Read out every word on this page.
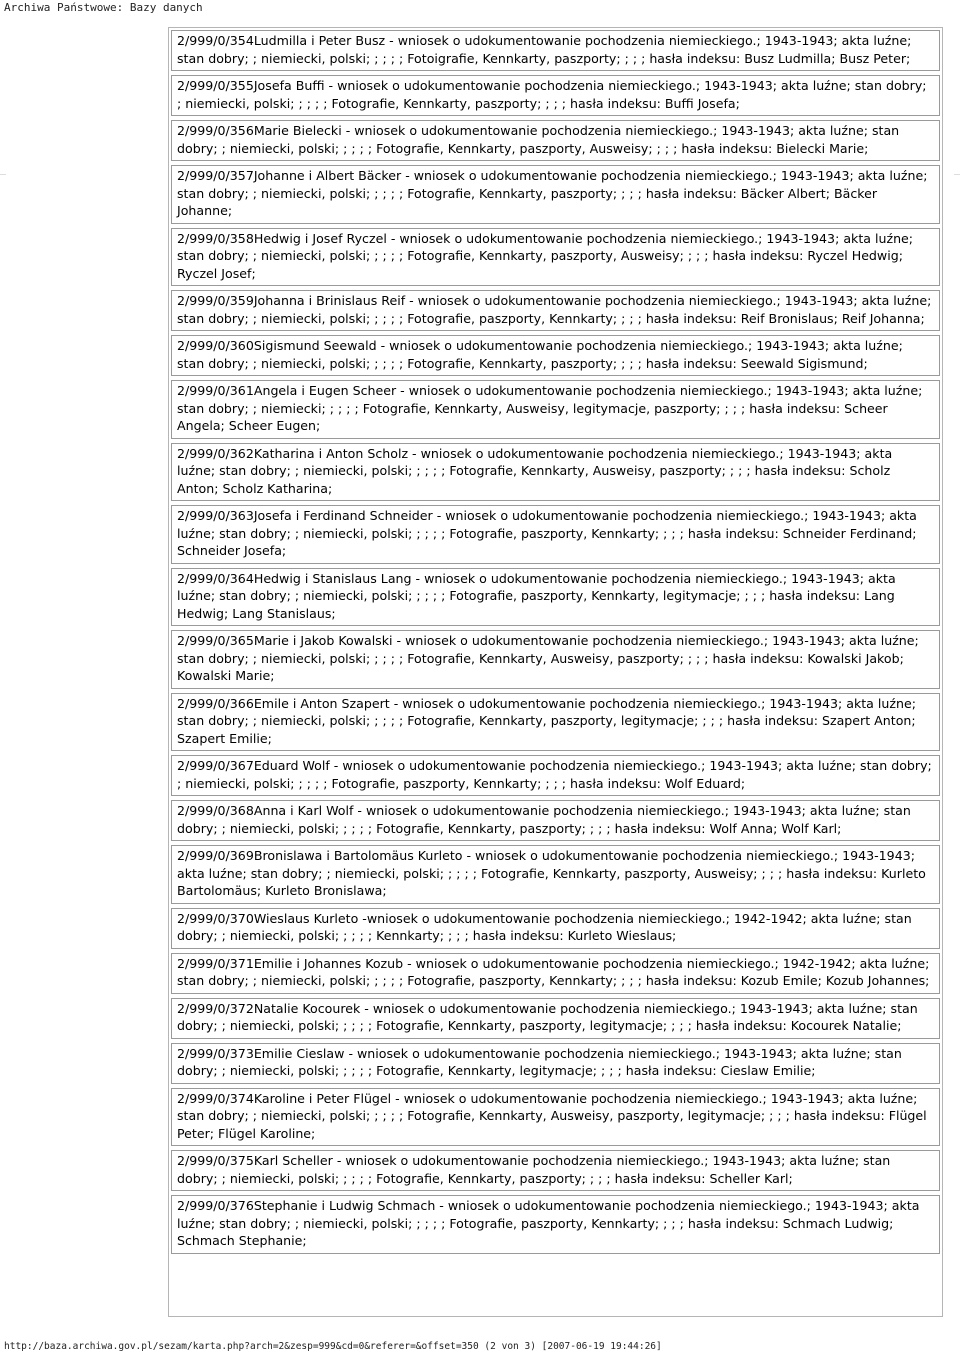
Archiwa Państwowe: Bazy danych
2/999/0/354Ludmilla i Peter Busz - wniosek o udokumentowanie pochodzenia niemieckiego.; 1943-1943; akta luźne; stan dobry; ; niemiecki, polski; ; ; ; ; Fotoigrafie, Kennkarty, paszporty; ; ; ; hasła indeksu: Busz Ludmilla; Busz Peter;
2/999/0/355Josefa Buffi - wniosek o udokumentowanie pochodzenia niemieckiego.; 1943-1943; akta luźne; stan dobry; ; niemiecki, polski; ; ; ; ; Fotografie, Kennkarty, paszporty; ; ; ; hasła indeksu: Buffi Josefa;
2/999/0/356Marie Bielecki - wniosek o udokumentowanie pochodzenia niemieckiego.; 1943-1943; akta luźne; stan dobry; ; niemiecki, polski; ; ; ; ; Fotografie, Kennkarty, paszporty, Ausweisy; ; ; ; hasła indeksu: Bielecki Marie;
2/999/0/357Johanne i Albert Bäcker - wniosek o udokumentowanie pochodzenia niemieckiego.; 1943-1943; akta luźne; stan dobry; ; niemiecki, polski; ; ; ; ; Fotografie, Kennkarty, paszporty; ; ; ; hasła indeksu: Bäcker Albert; Bäcker Johanne;
2/999/0/358Hedwig i Josef Ryczel - wniosek o udokumentowanie pochodzenia niemieckiego.; 1943-1943; akta luźne; stan dobry; ; niemiecki, polski; ; ; ; ; Fotografie, Kennkarty, paszporty, Ausweisy; ; ; ; hasła indeksu: Ryczel Hedwig; Ryczel Josef;
2/999/0/359Johanna i Brinislaus Reif - wniosek o udokumentowanie pochodzenia niemieckiego.; 1943-1943; akta luźne; stan dobry; ; niemiecki, polski; ; ; ; ; Fotografie, paszporty, Kennkarty; ; ; ; hasła indeksu: Reif Bronislaus; Reif Johanna;
2/999/0/360Sigismund Seewald - wniosek o udokumentowanie pochodzenia niemieckiego.; 1943-1943; akta luźne; stan dobry; ; niemiecki, polski; ; ; ; ; Fotografie, Kennkarty, paszporty; ; ; ; hasła indeksu: Seewald Sigismund;
2/999/0/361Angela i Eugen Scheer - wniosek o udokumentowanie pochodzenia niemieckiego.; 1943-1943; akta luźne; stan dobry; ; niemiecki; ; ; ; ; Fotografie, Kennkarty, Ausweisy, legitymacje, paszporty; ; ; ; hasła indeksu: Scheer Angela; Scheer Eugen;
2/999/0/362Katharina i Anton Scholz - wniosek o udokumentowanie pochodzenia niemieckiego.; 1943-1943; akta luźne; stan dobry; ; niemiecki, polski; ; ; ; ; Fotografie, Kennkarty, Ausweisy, paszporty; ; ; ; hasła indeksu: Scholz Anton; Scholz Katharina;
2/999/0/363Josefa i Ferdinand Schneider - wniosek o udokumentowanie pochodzenia niemieckiego.; 1943-1943; akta luźne; stan dobry; ; niemiecki, polski; ; ; ; ; Fotografie, paszporty, Kennkarty; ; ; ; hasła indeksu: Schneider Ferdinand; Schneider Josefa;
2/999/0/364Hedwig i Stanislaus Lang - wniosek o udokumentowanie pochodzenia niemieckiego.; 1943-1943; akta luźne; stan dobry; ; niemiecki, polski; ; ; ; ; Fotografie, paszporty, Kennkarty, legitymacje; ; ; ; hasła indeksu: Lang Hedwig; Lang Stanislaus;
2/999/0/365Marie i Jakob Kowalski - wniosek o udokumentowanie pochodzenia niemieckiego.; 1943-1943; akta luźne; stan dobry; ; niemiecki, polski; ; ; ; ; Fotografie, Kennkarty, Ausweisy, paszporty; ; ; ; hasła indeksu: Kowalski Jakob; Kowalski Marie;
2/999/0/366Emile i Anton Szapert - wniosek o udokumentowanie pochodzenia niemieckiego.; 1943-1943; akta luźne; stan dobry; ; niemiecki, polski; ; ; ; ; Fotografie, Kennkarty, paszporty, legitymacje; ; ; ; hasła indeksu: Szapert Anton; Szapert Emilie;
2/999/0/367Eduard Wolf - wniosek o udokumentowanie pochodzenia niemieckiego.; 1943-1943; akta luźne; stan dobry; ; niemiecki, polski; ; ; ; ; Fotografie, paszporty, Kennkarty; ; ; ; hasła indeksu: Wolf Eduard;
2/999/0/368Anna i Karl Wolf - wniosek o udokumentowanie pochodzenia niemieckiego.; 1943-1943; akta luźne; stan dobry; ; niemiecki, polski; ; ; ; ; Fotografie, Kennkarty, paszporty; ; ; ; hasła indeksu: Wolf Anna; Wolf Karl;
2/999/0/369Bronislawa i Bartolomäus Kurleto - wniosek o udokumentowanie pochodzenia niemieckiego.; 1943-1943; akta luźne; stan dobry; ; niemiecki, polski; ; ; ; ; Fotografie, Kennkarty, paszporty, Ausweisy; ; ; ; hasła indeksu: Kurleto Bartolomäus; Kurleto Bronislawa;
2/999/0/370Wieslaus Kurleto -wniosek o udokumentowanie pochodzenia niemieckiego.; 1942-1942; akta luźne; stan dobry; ; niemiecki, polski; ; ; ; ; Kennkarty; ; ; ; hasła indeksu: Kurleto Wieslaus;
2/999/0/371Emilie i Johannes Kozub - wniosek o udokumentowanie pochodzenia niemieckiego.; 1942-1942; akta luźne; stan dobry; ; niemiecki, polski; ; ; ; ; Fotografie, paszporty, Kennkarty; ; ; ; hasła indeksu: Kozub Emile; Kozub Johannes;
2/999/0/372Natalie Kocourek - wniosek o udokumentowanie pochodzenia niemieckiego.; 1943-1943; akta luźne; stan dobry; ; niemiecki, polski; ; ; ; ; Fotografie, Kennkarty, paszporty, legitymacje; ; ; ; hasła indeksu: Kocourek Natalie;
2/999/0/373Emilie Cieslaw - wniosek o udokumentowanie pochodzenia niemieckiego.; 1943-1943; akta luźne; stan dobry; ; niemiecki, polski; ; ; ; ; Fotografie, Kennkarty, legitymacje; ; ; ; hasła indeksu: Cieslaw Emilie;
2/999/0/374Karoline i Peter Flügel - wniosek o udokumentowanie pochodzenia niemieckiego.; 1943-1943; akta luźne; stan dobry; ; niemiecki, polski; ; ; ; ; Fotografie, Kennkarty, Ausweisy, paszporty, legitymacje; ; ; ; hasła indeksu: Flügel Peter; Flügel Karoline;
2/999/0/375Karl Scheller - wniosek o udokumentowanie pochodzenia niemieckiego.; 1943-1943; akta luźne; stan dobry; ; niemiecki, polski; ; ; ; ; Fotografie, Kennkarty, paszporty; ; ; ; hasła indeksu: Scheller Karl;
2/999/0/376Stephanie i Ludwig Schmach - wniosek o udokumentowanie pochodzenia niemieckiego.; 1943-1943; akta luźne; stan dobry; ; niemiecki, polski; ; ; ; ; Fotografie, paszporty, Kennkarty; ; ; ; hasła indeksu: Schmach Ludwig; Schmach Stephanie;
http://baza.archiwa.gov.pl/sezam/karta.php?arch=2&zesp=999&cd=0&referer=&offset=350 (2 von 3) [2007-06-19 19:44:26]
